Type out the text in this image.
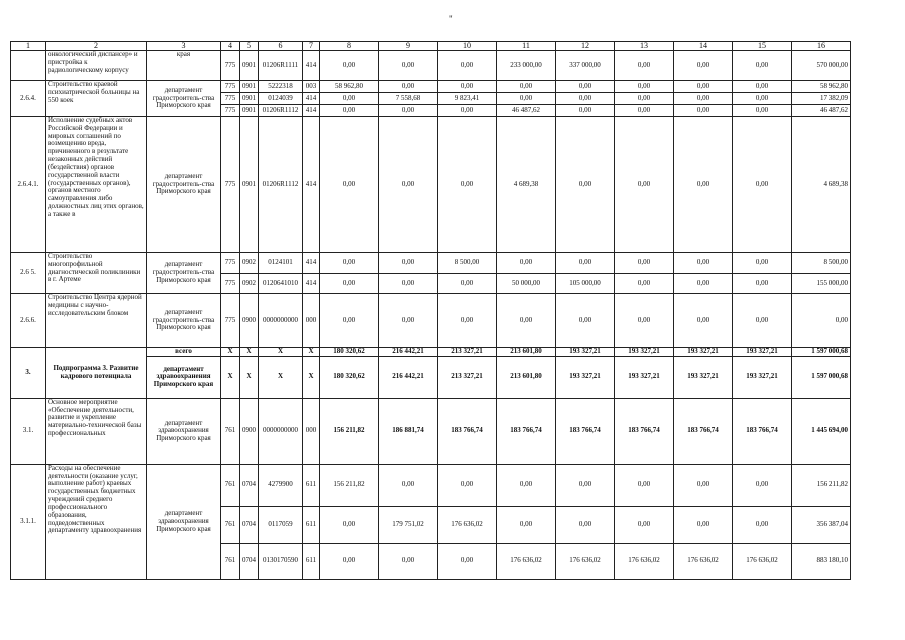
"
1	2	3	4	5	6	7	8	9	10	11	12	13	14	15	16

	онкологический диспансер» и пристройка к радиологическому корпусу	края	775	0901	01206R1111	414	0,00	0,00	0,00	233 000,00	337 000,00	0,00	0,00	0,00	570 000,00
2.6.4.	Строительство краевой психиатрической больницы на 550 коек	департамент градостроитель-ства Приморского края	775	0901	5222318	003	58 962,80	0,00	0,00	0,00	0,00	0,00	0,00	0,00	58 962,80
			775	0901	0124039	414	0,00	7 558,68	9 823,41	0,00	0,00	0,00	0,00	0,00	17 382,09
			775	0901	01206R1112	414	0,00	0,00	0,00	46 487,62	0,00	0,00	0,00	0,00	46 487,62
2.6.4.1.	Исполнение судебных актов Российской Федерации и мировых соглашений по возмещению вреда, причиненного в результате незаконных действий (бездействия) органов государственной власти (государственных органов), органов местного самоуправления либо должностных лиц этих органов, а также в	департамент градостроитель-ства Приморского края	775	0901	01206R1112	414	0,00	0,00	0,00	4 689,38	0,00	0,00	0,00	0,00	4 689,38
2.6 5.	Строительство многопрофильной диагностической поликлиники в г. Артеме	департамент градостроитель-ства Приморского края	775	0902	0124101	414	0,00	0,00	8 500,00	0,00	0,00	0,00	0,00	0,00	8 500,00
			775	0902	0120641010	414	0,00	0,00	0,00	50 000,00	105 000,00	0,00	0,00	0,00	155 000,00
2.6.6.	Строительство Центра ядерной медицины с научно-исследовательским блоком	департамент градостроитель-ства Приморского края	775	0900	0000000000	000	0,00	0,00	0,00	0,00	0,00	0,00	0,00	0,00	0,00
3.	Подпрограмма 3. Развитие кадрового потенциала	всего	X	X	X	X	180 320,62	216 442,21	213 327,21	213 601,80	193 327,21	193 327,21	193 327,21	193 327,21	1 597 000,68
		департамент здравоохранения Приморского края	X	X	X	X	180 320,62	216 442,21	213 327,21	213 601,80	193 327,21	193 327,21	193 327,21	193 327,21	1 597 000,68
3.1.	Основное мероприятие «Обеспечение деятельности, развитие и укрепление материально-технической базы профессиональных	департамент здравоохранения Приморского края	761	0900	0000000000	000	156 211,82	186 881,74	183 766,74	183 766,74	183 766,74	183 766,74	183 766,74	183 766,74	1 445 694,00
3.1.1.	Расходы на обеспечение деятельности (оказание услуг, выполнение работ) краевых государственных бюджетных учреждений среднего профессионального образования, подведомственных департаменту здравоохранения	департамент здравоохранения Приморского края	761	0704	4279900	611	156 211,82	0,00	0,00	0,00	0,00	0,00	0,00	0,00	156 211,82
			761	0704	0117059	611	0,00	179 751,02	176 636,02	0,00	0,00	0,00	0,00	0,00	356 387,04
			761	0704	0130170590	611	0,00	0,00	0,00	176 636,02	176 636,02	176 636,02	176 636,02	176 636,02	883 180,10
